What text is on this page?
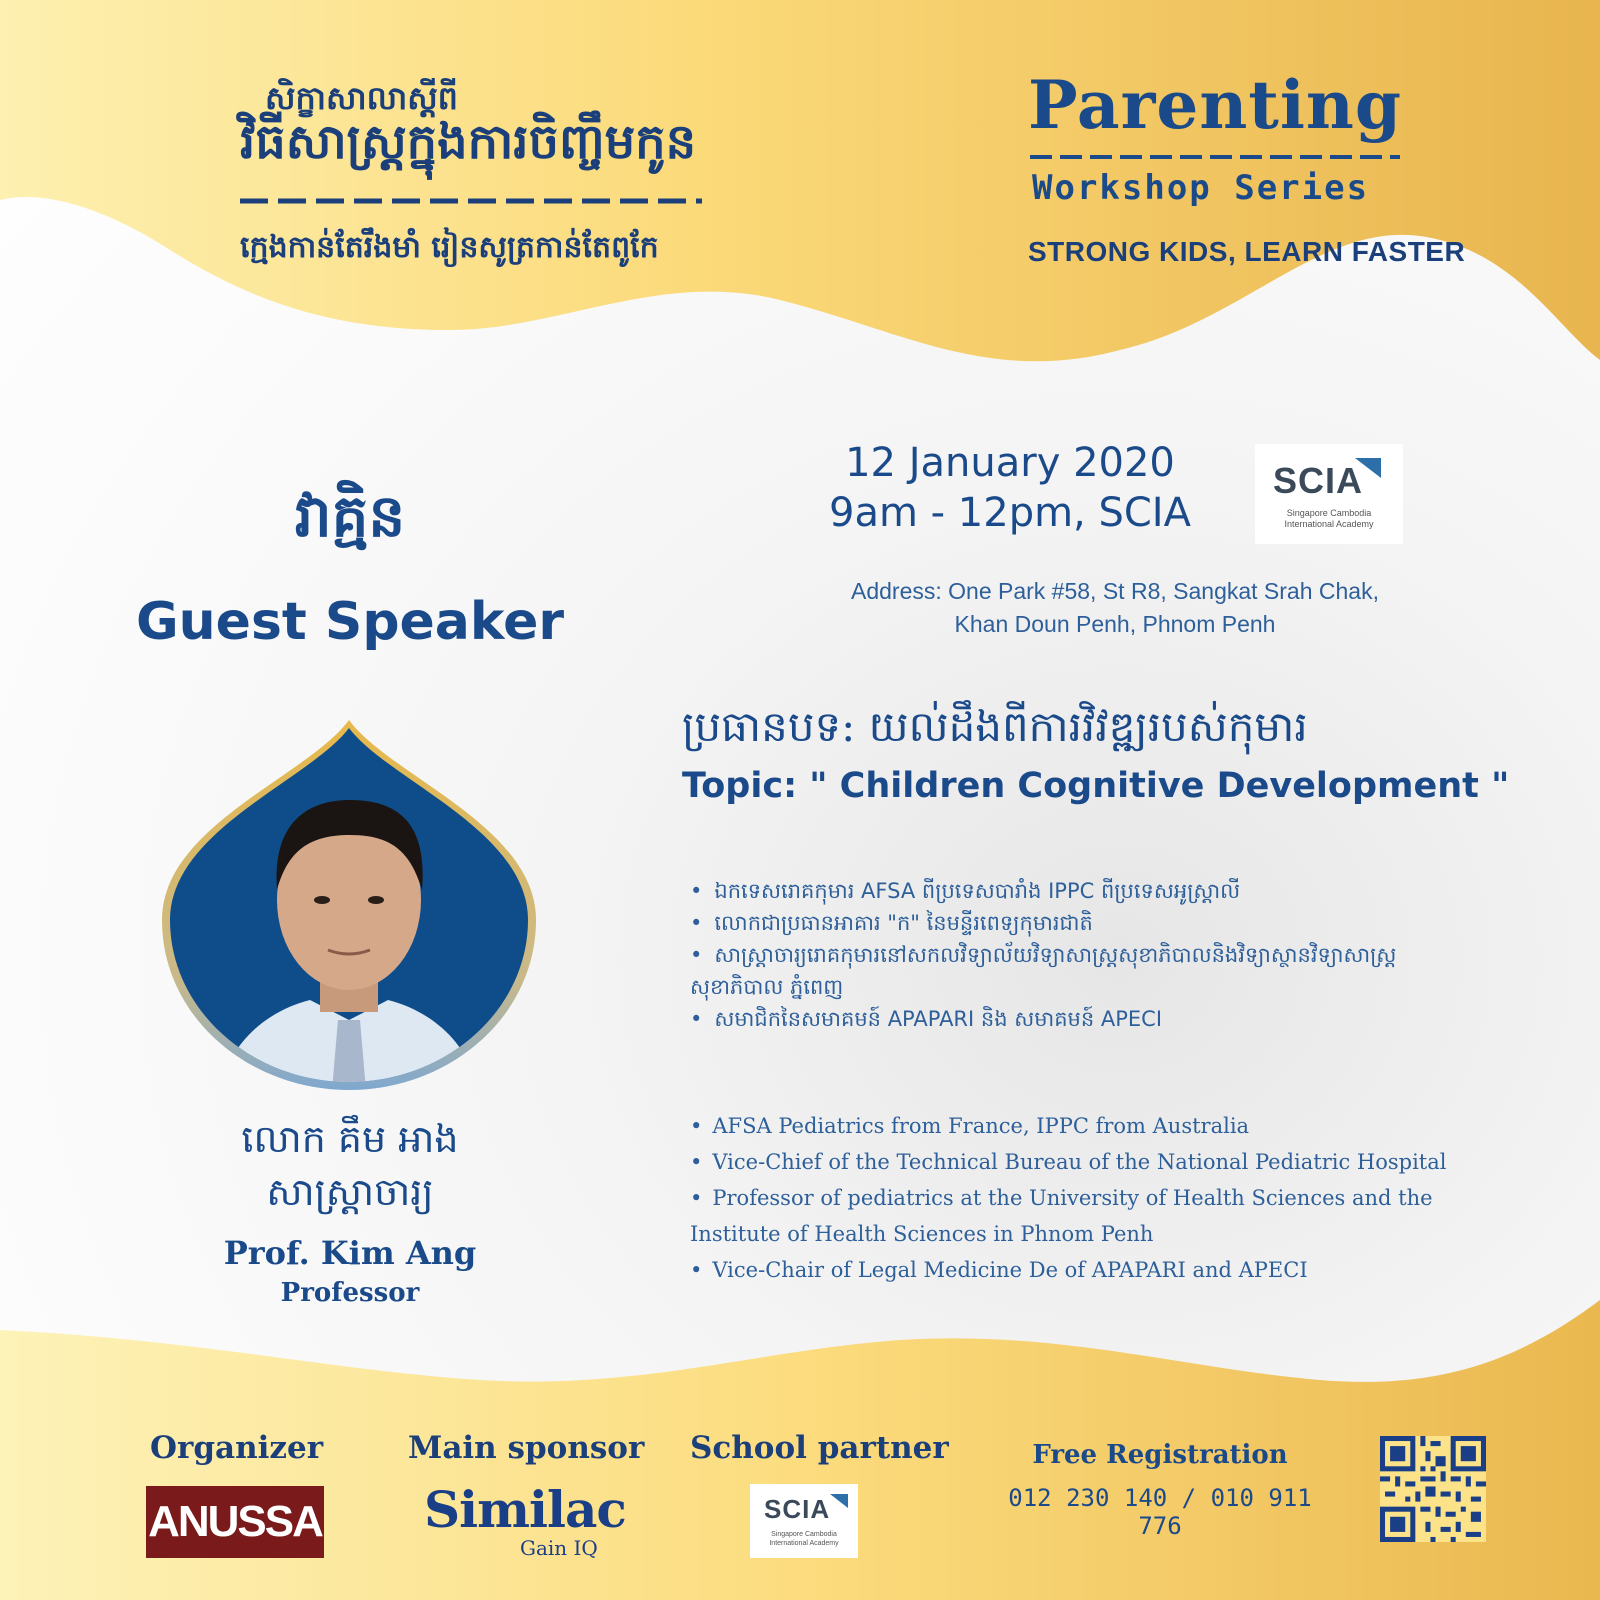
សិក្ខាសាលាស្ដីពី
វិធីសាស្ត្រក្នុងការចិញ្ចឹមកូន
ក្មេងកាន់តែរឹងមាំ រៀនសូត្រកាន់តែពូកែ
Parenting
Workshop Series
STRONG KIDS, LEARN FASTER
វាគ្មិន
Guest Speaker
12 January 2020
9am - 12pm, SCIA
SCIA
Singapore Cambodia
International Academy
Address: One Park #58, St R8, Sangkat Srah Chak,
Khan Doun Penh, Phnom Penh
ប្រធានបទ: យល់ដឹងពីការវិវឌ្ឍរបស់កុមារ
Topic: " Children Cognitive Development "
• ឯកទេសរោគកុមារ AFSA ពីប្រទេសបារាំង IPPC ពីប្រទេសអូស្ត្រាលី
• លោកជាប្រធានអាគារ "ក" នៃមន្ទីរពេទ្យកុមារជាតិ
• សាស្ត្រាចារ្យរោគកុមារនៅសកលវិទ្យាល័យវិទ្យាសាស្ត្រសុខាភិបាលនិងវិទ្យាស្ថានវិទ្យាសាស្ត្រ សុខាភិបាល ភ្នំពេញ
• សមាជិកនៃសមាគមន៍ APAPARI និង សមាគមន៍ APECI
• AFSA Pediatrics from France, IPPC from Australia
• Vice-Chief of the Technical Bureau of the National Pediatric Hospital
• Professor of pediatrics at the University of Health Sciences and the Institute of Health Sciences in Phnom Penh
• Vice-Chair of Legal Medicine De of APAPARI and APECI
លោក គឹម អាង
សាស្ត្រាចារ្យ
Prof. Kim Ang
Professor
Organizer	Main sponsor School partner
ANUSSA Similac
Gain IQ
SCIA
Singapore Cambodia
International Academy
Free Registration
012 230 140 / 010 911 776
